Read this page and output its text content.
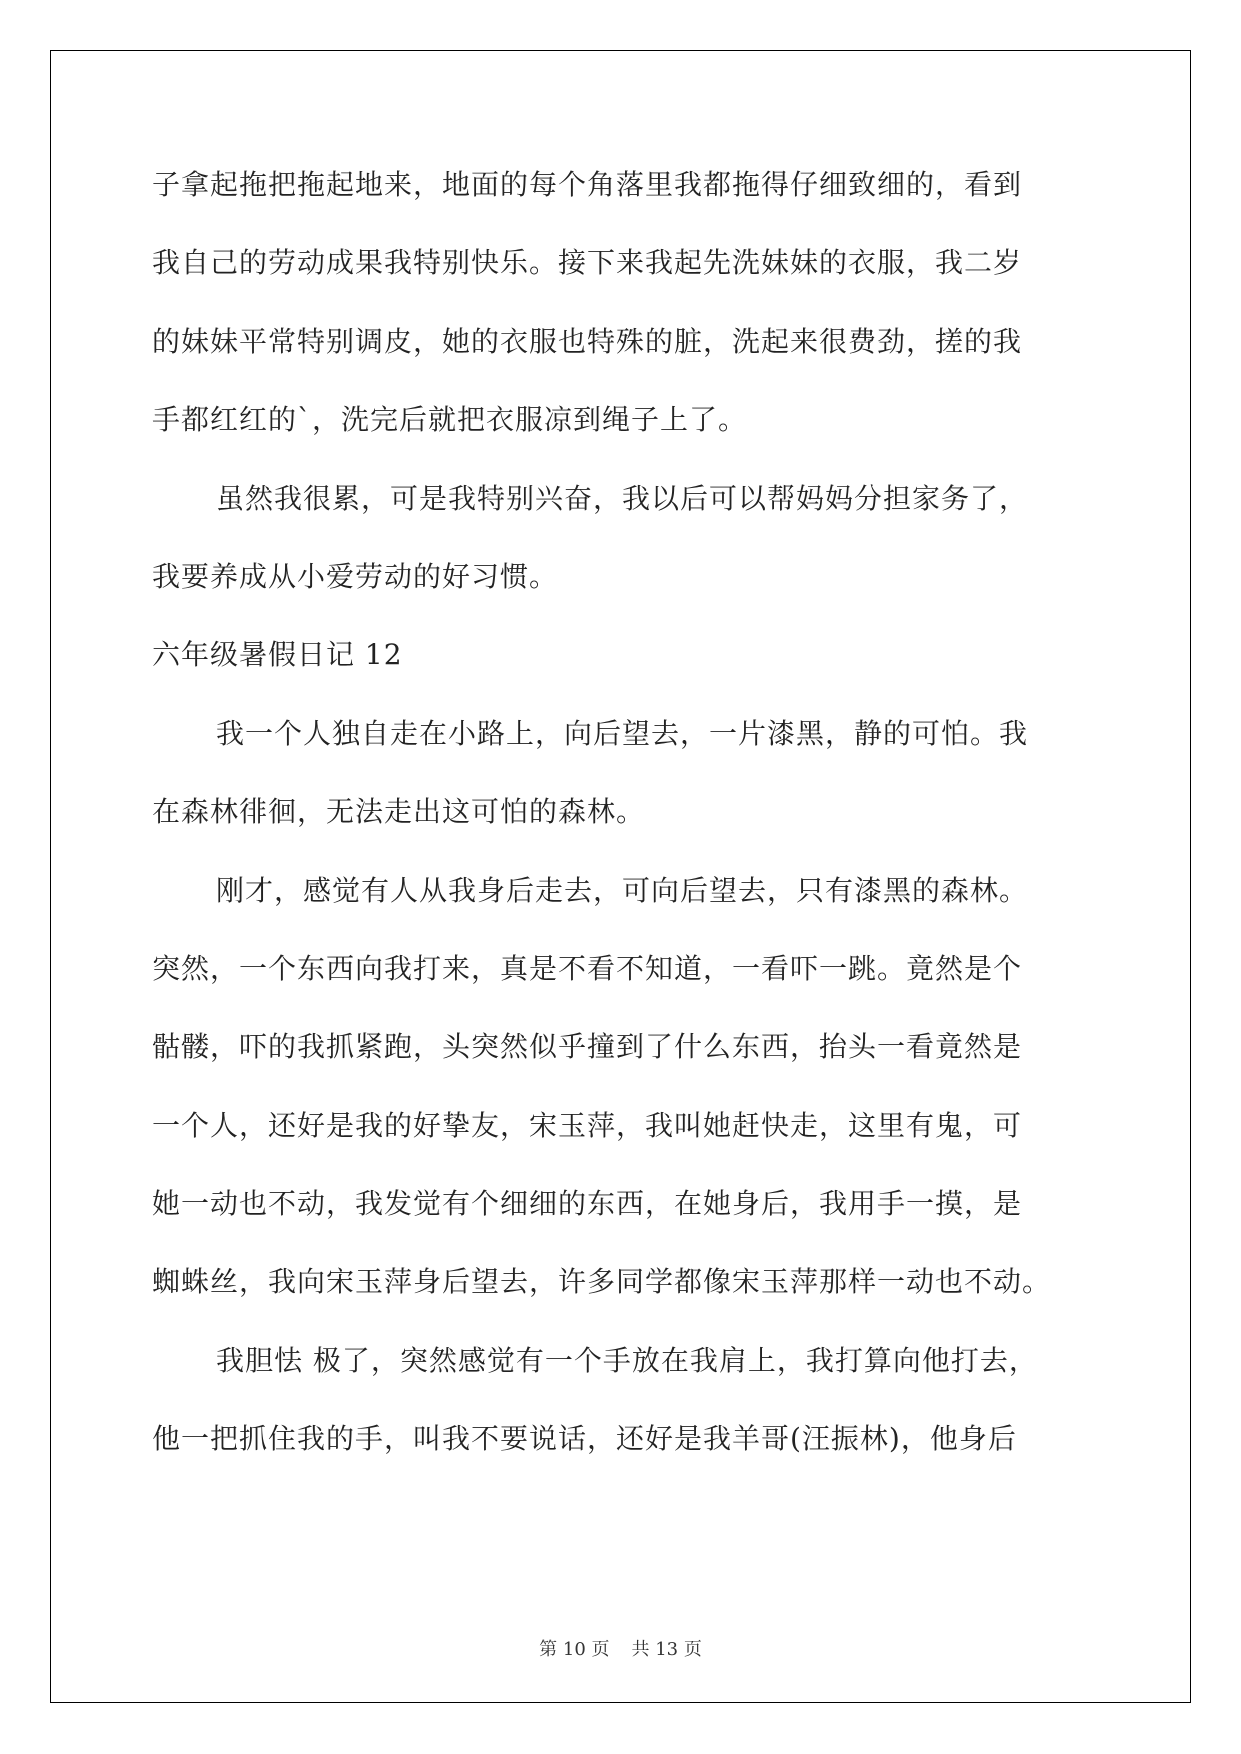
子拿起拖把拖起地来，地面的每个角落里我都拖得仔细致细的，看到
我自己的劳动成果我特别快乐。接下来我起先洗妹妹的衣服，我二岁
的妹妹平常特别调皮，她的衣服也特殊的脏，洗起来很费劲，搓的我
手都红红的`，洗完后就把衣服凉到绳子上了。
虽然我很累，可是我特别兴奋，我以后可以帮妈妈分担家务了，
我要养成从小爱劳动的好习惯。
六年级暑假日记 12
我一个人独自走在小路上，向后望去，一片漆黑，静的可怕。我
在森林徘徊，无法走出这可怕的森林。
刚才，感觉有人从我身后走去，可向后望去，只有漆黑的森林。
突然，一个东西向我打来，真是不看不知道，一看吓一跳。竟然是个
骷髅，吓的我抓紧跑，头突然似乎撞到了什么东西，抬头一看竟然是
一个人，还好是我的好挚友，宋玉萍，我叫她赶快走，这里有鬼，可
她一动也不动，我发觉有个细细的东西，在她身后，我用手一摸，是
蜘蛛丝，我向宋玉萍身后望去，许多同学都像宋玉萍那样一动也不动。
我胆怯 极了，突然感觉有一个手放在我肩上，我打算向他打去，
他一把抓住我的手，叫我不要说话，还好是我羊哥(汪振林)，他身后
第 10 页 共 13 页
